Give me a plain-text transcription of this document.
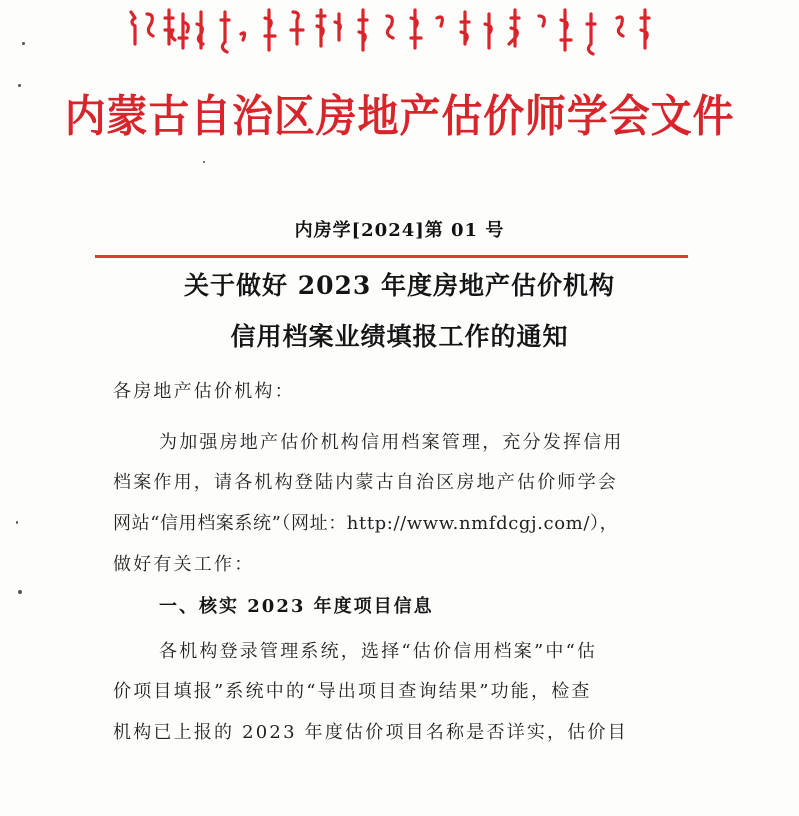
内蒙古自治区房地产估价师学会文件
内房学[2024]第 01 号
关于做好 2023 年度房地产估价机构
信用档案业绩填报工作的通知
各房地产估价机构：
为加强房地产估价机构信用档案管理，充分发挥信用
档案作用，请各机构登陆内蒙古自治区房地产估价师学会
网站“信用档案系统”（网址：http://www.nmfdcgj.com/），
做好有关工作：
一、核实 2023 年度项目信息
各机构登录管理系统，选择“估价信用档案”中“估
价项目填报”系统中的“导出项目查询结果”功能，检查
机构已上报的 2023 年度估价项目名称是否详实，估价目
